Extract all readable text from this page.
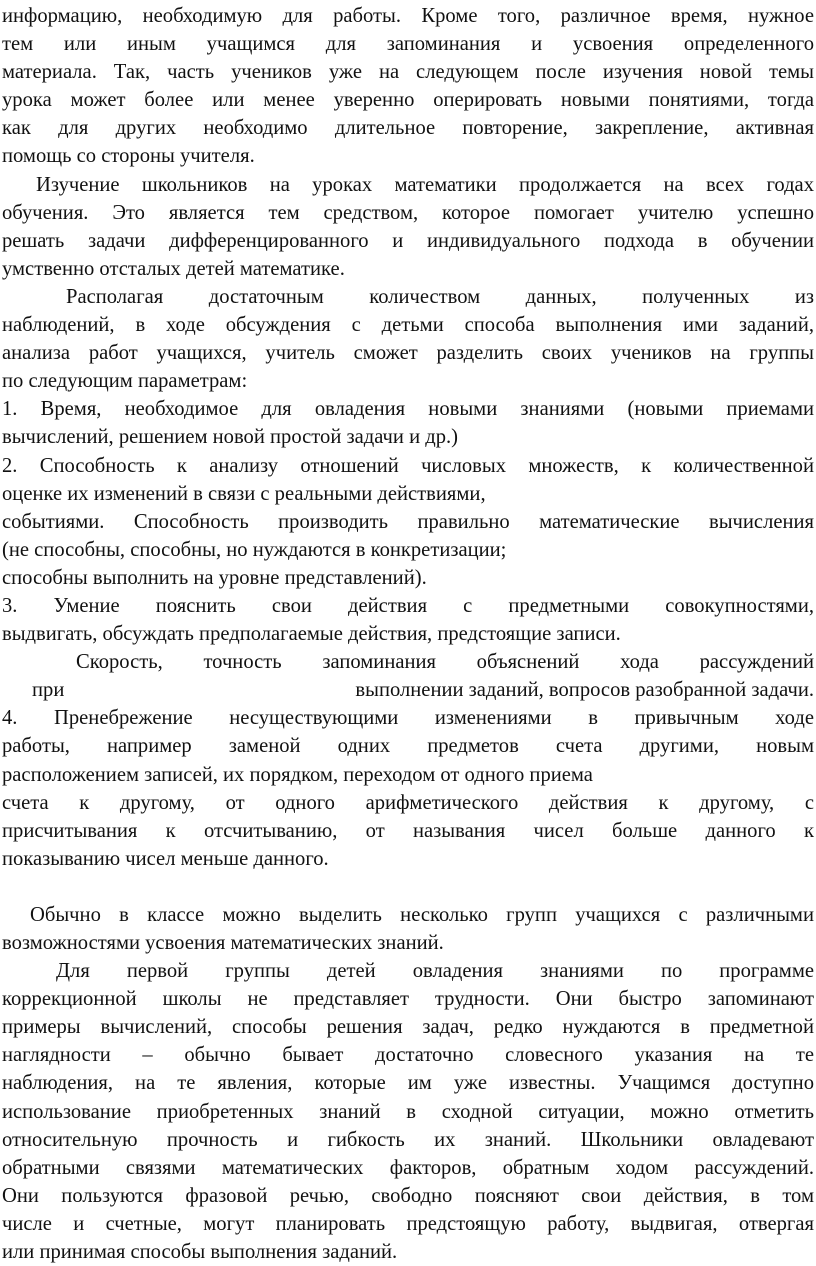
информацию, необходимую для работы. Кроме того, различное время, нужное
тем или иным учащимся для запоминания и усвоения определенного
материала. Так, часть учеников уже на следующем после изучения новой темы
урока может более или менее уверенно оперировать новыми понятиями, тогда
как для других необходимо длительное повторение, закрепление, активная
помощь со стороны учителя.
Изучение школьников на уроках математики продолжается на всех годах
обучения. Это является тем средством, которое помогает учителю успешно
решать задачи дифференцированного и индивидуального подхода в обучении
умственно отсталых детей математике.
Располагая достаточным количеством данных, полученных из
наблюдений, в ходе обсуждения с детьми способа выполнения ими заданий,
анализа работ учащихся, учитель сможет разделить своих учеников на группы
по следующим параметрам:
1. Время, необходимое для овладения новыми знаниями (новыми приемами
вычислений, решением новой простой задачи и др.)
2. Способность к анализу отношений числовых множеств, к количественной
оценке их изменений в связи с реальными действиями,
событиями. Способность производить правильно математические вычисления
(не способны, способны, но нуждаются в конкретизации;
способны выполнить на уровне представлений).
3. Умение пояснить свои действия с предметными совокупностями,
выдвигать, обсуждать предполагаемые действия, предстоящие записи.
Скорость, точность запоминания объяснений хода рассуждений
при	выполнении заданий, вопросов разобранной задачи.
4. Пренебрежение несуществующими изменениями в привычным ходе
работы, например заменой одних предметов счета другими, новым
расположением записей, их порядком, переходом от одного приема
счета к другому, от одного арифметического действия к другому, с
присчитывания к отсчитыванию, от называния чисел больше данного к
показыванию чисел меньше данного.
Обычно в классе можно выделить несколько групп учащихся с различными
возможностями усвоения математических знаний.
Для первой группы детей овладения знаниями по программе
коррекционной школы не представляет трудности. Они быстро запоминают
примеры вычислений, способы решения задач, редко нуждаются в предметной
наглядности – обычно бывает достаточно словесного указания на те
наблюдения, на те явления, которые им уже известны. Учащимся доступно
использование приобретенных знаний в сходной ситуации, можно отметить
относительную прочность и гибкость их знаний. Школьники овладевают
обратными связями математических факторов, обратным ходом рассуждений.
Они пользуются фразовой речью, свободно поясняют свои действия, в том
числе и счетные, могут планировать предстоящую работу, выдвигая, отвергая
или принимая способы выполнения заданий.
